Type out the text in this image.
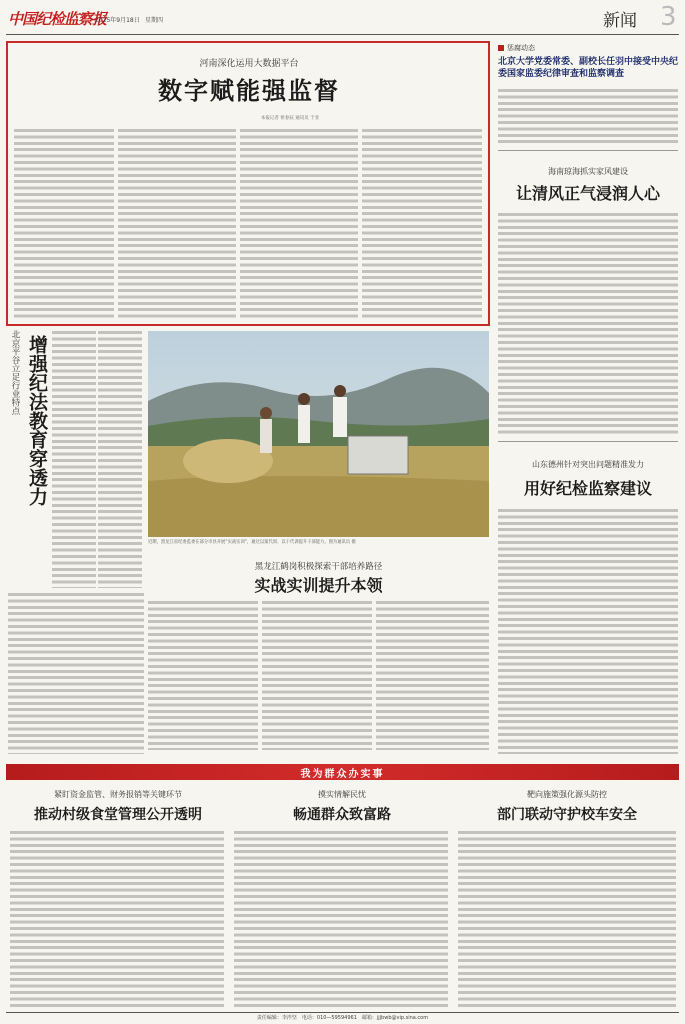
中国纪检监察报
2025年9月18日 星期四	新闻 3
河南深化运用大数据平台
数字赋能强监督
本报记者 侯春辰 通讯员 于亚
惩腐动态
北京大学党委常委、副校长任羽中接受中央纪委国家监委纪律审查和监察调查
海南琼海抓实家风建设
让清风正气浸润人心
山东德州针对突出问题精准发力
用好纪检监察建议
北京平谷立足行业特点 增强纪法教育穿透力
近期，黑龙江省纪委监委在部分市县开展“实战实训”，通过以案代训、以干代训提升干部能力。图为通讯员 摄
黑龙江鹤岗积极探索干部培养路径
实战实训提升本领
我为群众办实事
紧盯资金监管、财务报销等关键环节
推动村级食堂管理公开透明
摸实情解民忧
畅通群众致富路
靶向施策强化源头防控
部门联动守护校车安全
责任编辑：李泮坚　电话：010—59594961　邮箱：jjjbwb@vip.sina.com
